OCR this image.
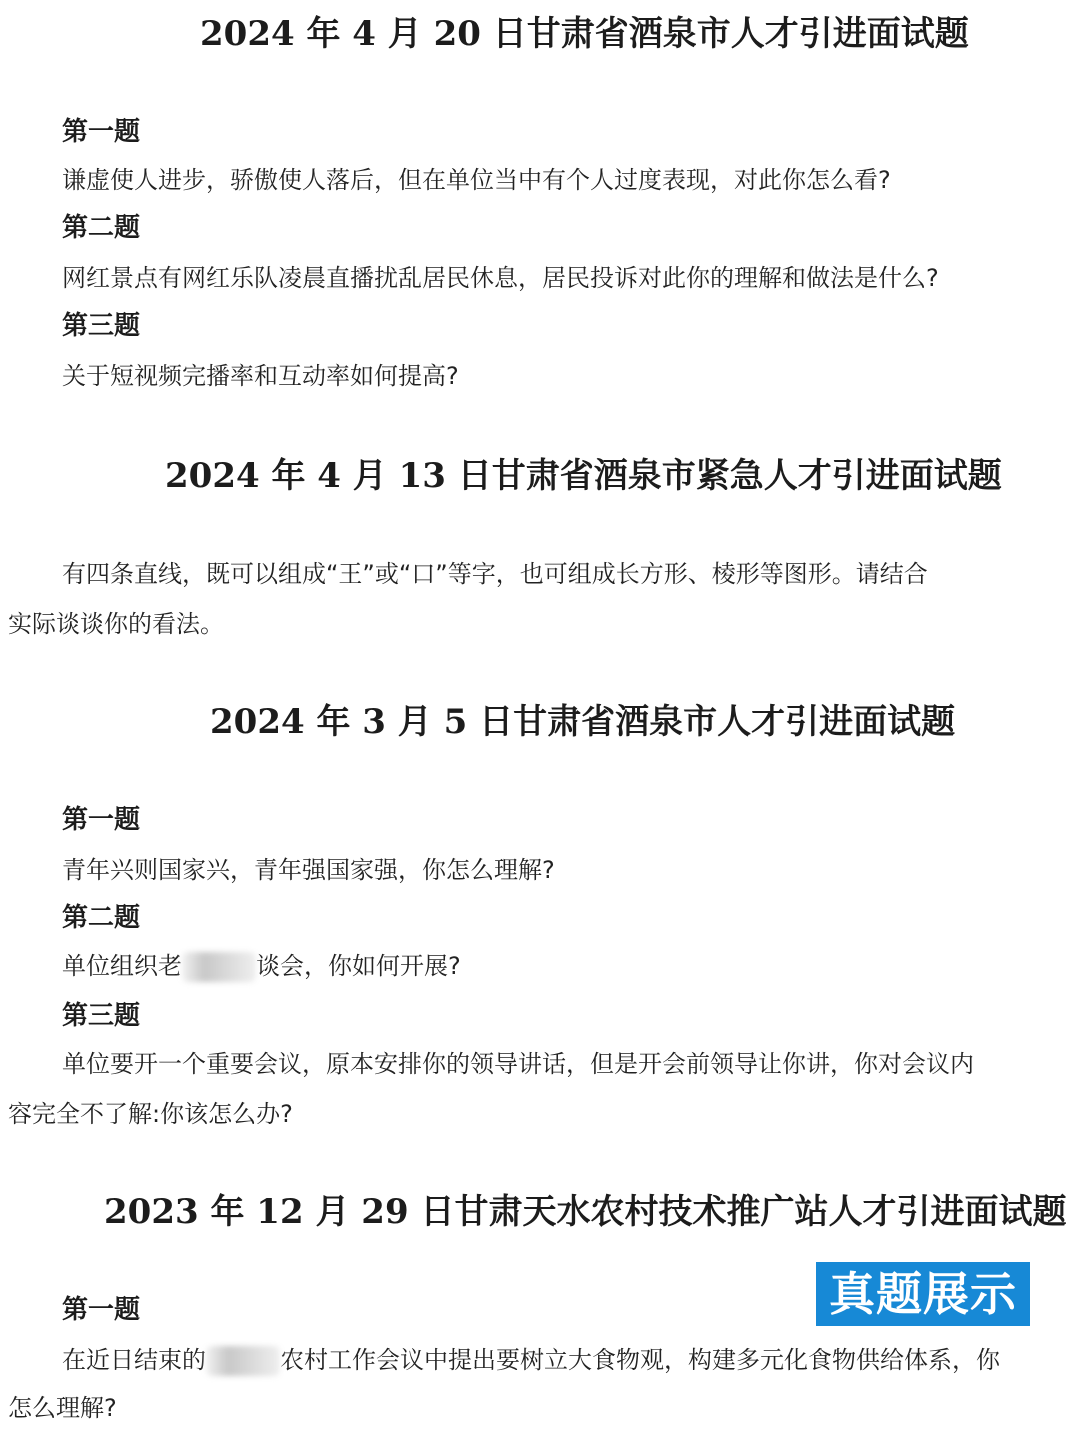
2024 年 4 月 20 日甘肃省酒泉市人才引进面试题
第一题
谦虚使人进步，骄傲使人落后，但在单位当中有个人过度表现，对此你怎么看?
第二题
网红景点有网红乐队凌晨直播扰乱居民休息，居民投诉对此你的理解和做法是什么?
第三题
关于短视频完播率和互动率如何提高?
2024 年 4 月 13 日甘肃省酒泉市紧急人才引进面试题
有四条直线，既可以组成“王”或“口”等字，也可组成长方形、棱形等图形。请结合
实际谈谈你的看法。
2024 年 3 月 5 日甘肃省酒泉市人才引进面试题
第一题
青年兴则国家兴，青年强国家强，你怎么理解?
第二题
单位组织老	谈会，你如何开展?
第三题
单位要开一个重要会议，原本安排你的领导讲话，但是开会前领导让你讲，你对会议内
容完全不了解:你该怎么办?
2023 年 12 月 29 日甘肃天水农村技术推广站人才引进面试题
第一题	真题展示
在近日结束的	农村工作会议中提出要树立大食物观，构建多元化食物供给体系，你
怎么理解?
